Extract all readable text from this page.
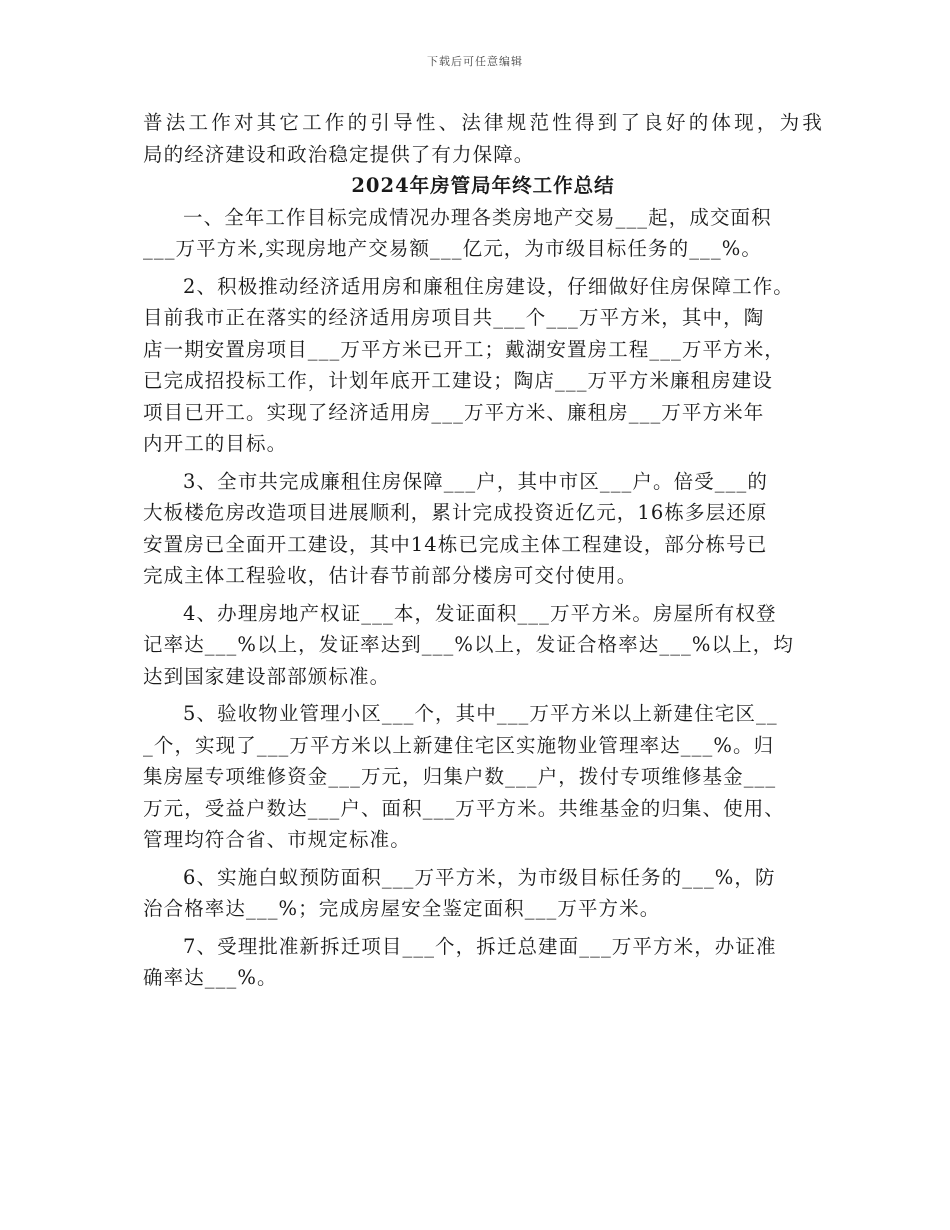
下载后可任意编辑
普法工作对其它工作的引导性、法律规范性得到了良好的体现，为我
局的经济建设和政治稳定提供了有力保障。
2024年房管局年终工作总结
一、全年工作目标完成情况办理各类房地产交易___起，成交面积
___万平方米,实现房地产交易额___亿元，为市级目标任务的___%。
2、积极推动经济适用房和廉租住房建设，仔细做好住房保障工作。
目前我市正在落实的经济适用房项目共___个___万平方米，其中，陶
店一期安置房项目___万平方米已开工；戴湖安置房工程___万平方米，
已完成招投标工作，计划年底开工建设；陶店___万平方米廉租房建设
项目已开工。实现了经济适用房___万平方米、廉租房___万平方米年
内开工的目标。
3、全市共完成廉租住房保障___户，其中市区___户。倍受___的
大板楼危房改造项目进展顺利，累计完成投资近亿元，16栋多层还原
安置房已全面开工建设，其中14栋已完成主体工程建设，部分栋号已
完成主体工程验收，估计春节前部分楼房可交付使用。
4、办理房地产权证___本，发证面积___万平方米。房屋所有权登
记率达___%以上，发证率达到___%以上，发证合格率达___%以上，均
达到国家建设部部颁标准。
5、验收物业管理小区___个，其中___万平方米以上新建住宅区__
_个，实现了___万平方米以上新建住宅区实施物业管理率达___%。归
集房屋专项维修资金___万元，归集户数___户，拨付专项维修基金___
万元，受益户数达___户、面积___万平方米。共维基金的归集、使用、
管理均符合省、市规定标准。
6、实施白蚁预防面积___万平方米，为市级目标任务的___%，防
治合格率达___%；完成房屋安全鉴定面积___万平方米。
7、受理批准新拆迁项目___个，拆迁总建面___万平方米，办证准
确率达___%。
